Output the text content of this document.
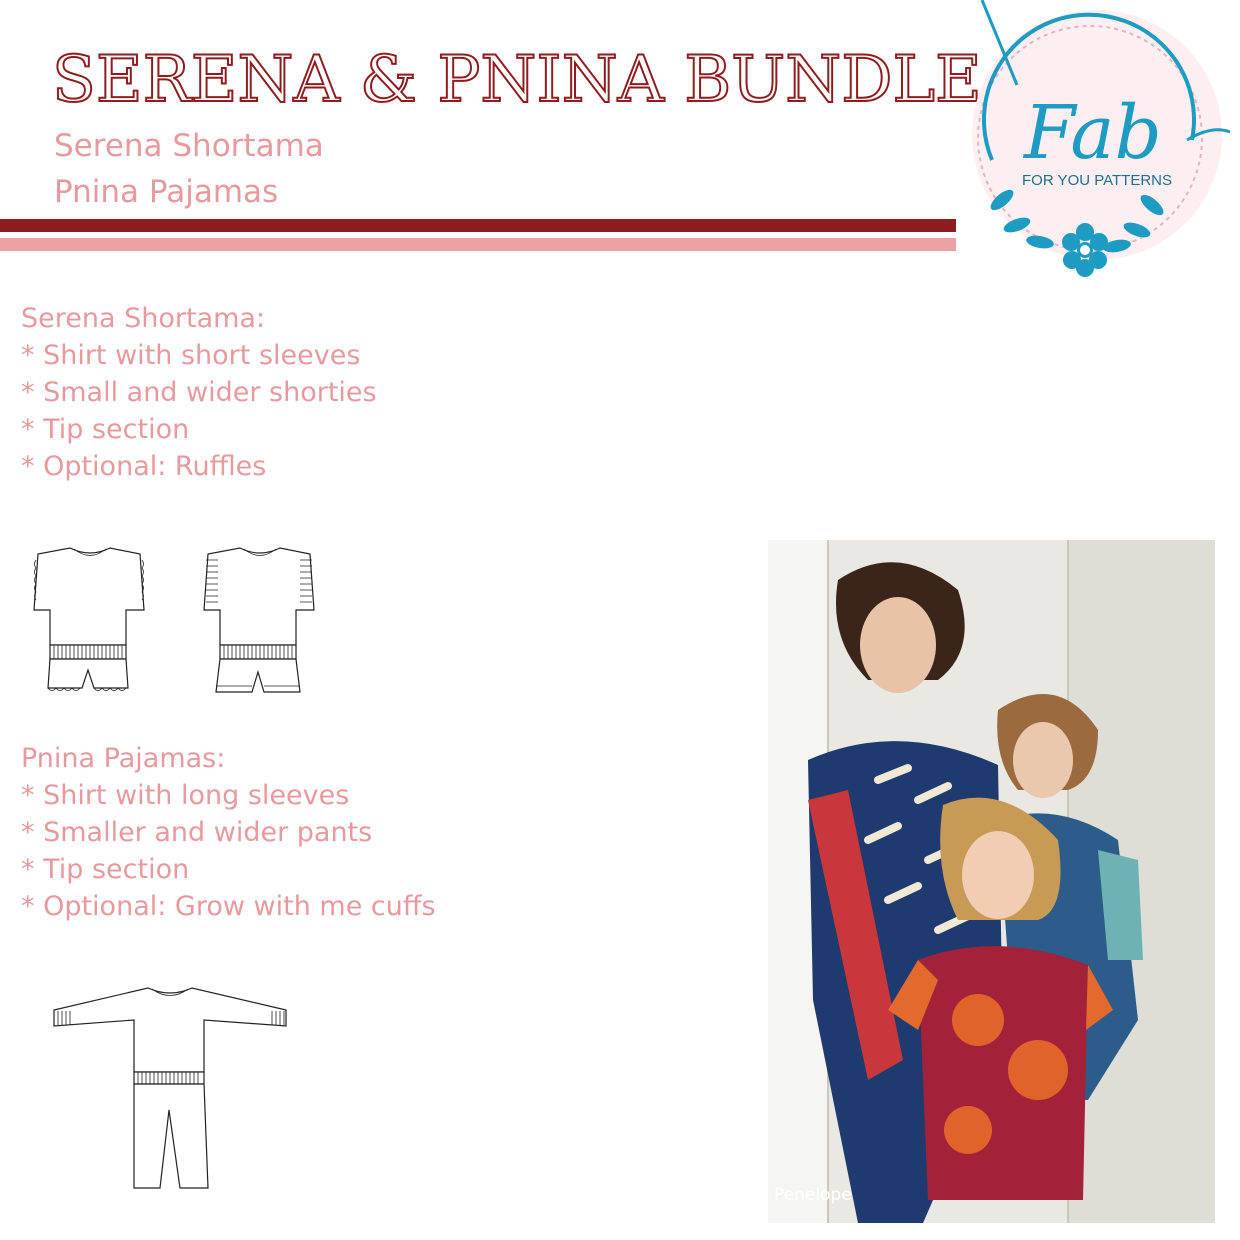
SERENA & PNINA BUNDLE

Serena Shortama

Pnina Pajamas

Fab
FOR YOU PATTERNS
Serena Shortama:
* Shirt with short sleeves
* Small and wider shorties
* Tip section
* Optional: Ruffles
Pnina Pajamas:
* Shirt with long sleeves
* Smaller and wider pants
* Tip section
* Optional: Grow with me cuffs
Penelope
